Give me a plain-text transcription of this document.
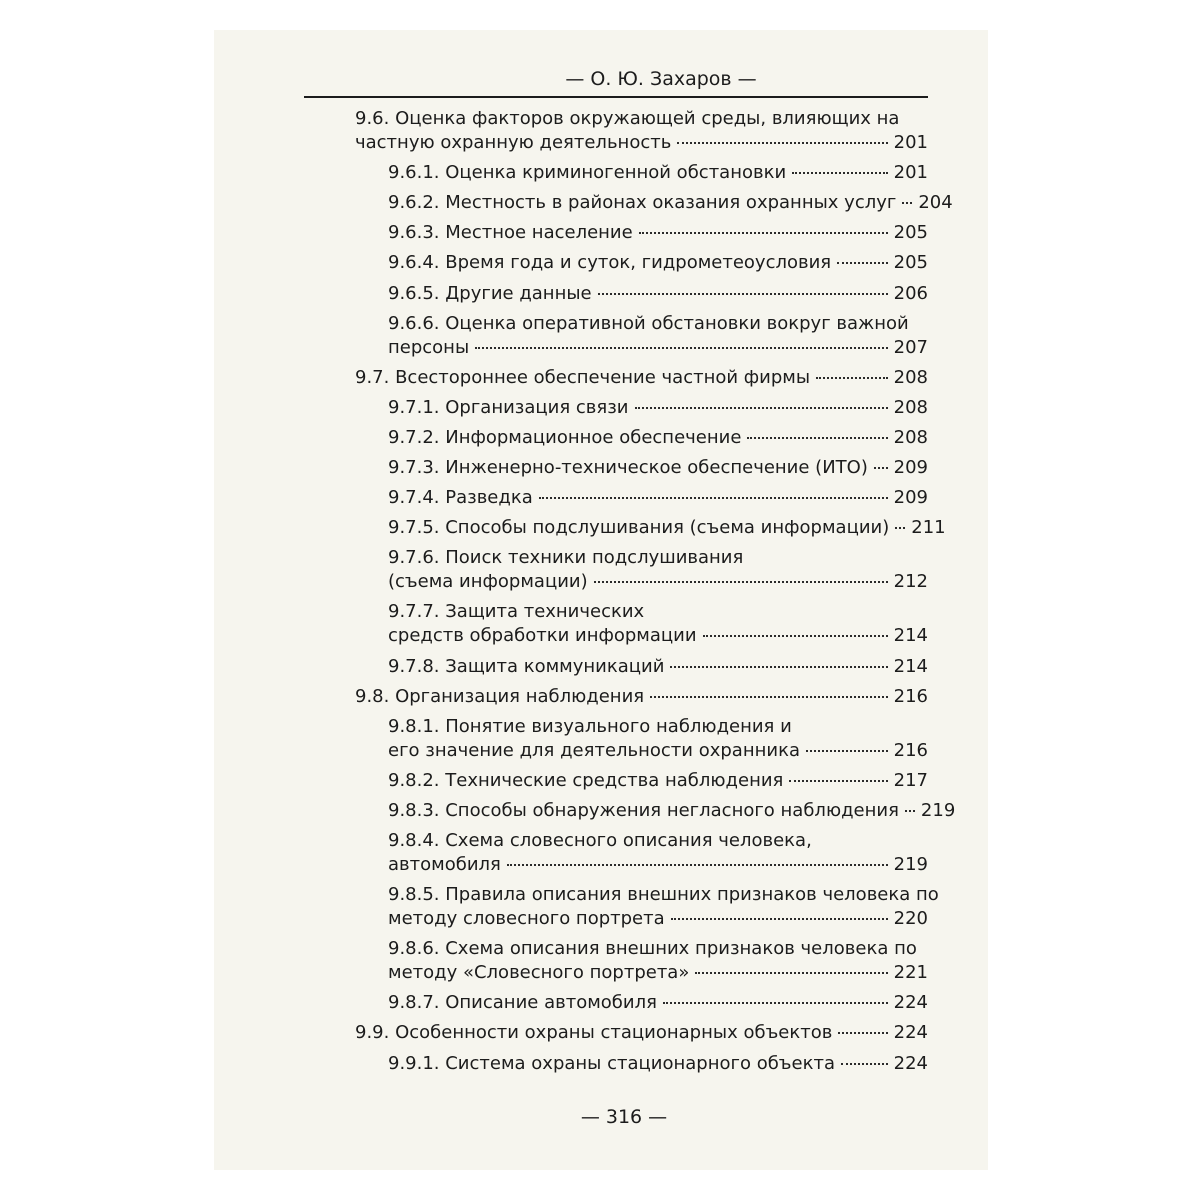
— О. Ю. Захаров —
9.6. Оценка факторов окружающей среды, влияющих на
частную охранную деятельность	201
9.6.1. Оценка криминогенной обстановки	201
9.6.2. Местность в районах оказания охранных услуг 204
9.6.3. Местное население	205
9.6.4. Время года и суток, гидрометеоусловия	205
9.6.5. Другие данные	206
9.6.6. Оценка оперативной обстановки вокруг важной
персоны	207
9.7. Всестороннее обеспечение частной фирмы	208
9.7.1. Организация связи	208
9.7.2. Информационное обеспечение	208
9.7.3. Инженерно-техническое обеспечение (ИТО) 209
9.7.4. Разведка	209
9.7.5. Способы подслушивания (съема информации) 211
9.7.6. Поиск техники подслушивания
(съема информации)	212
9.7.7. Защита технических
средств обработки информации	214
9.7.8. Защита коммуникаций	214
9.8. Организация наблюдения	216
9.8.1. Понятие визуального наблюдения и
его значение для деятельности охранника	216
9.8.2. Технические средства наблюдения	217
9.8.3. Способы обнаружения негласного наблюдения 219
9.8.4. Схема словесного описания человека,
автомобиля	219
9.8.5. Правила описания внешних признаков человека по
методу словесного портрета	220
9.8.6. Схема описания внешних признаков человека по
методу «Словесного портрета»	221
9.8.7. Описание автомобиля	224
9.9. Особенности охраны стационарных объектов	224
9.9.1. Система охраны стационарного объекта	224
— 316 —
